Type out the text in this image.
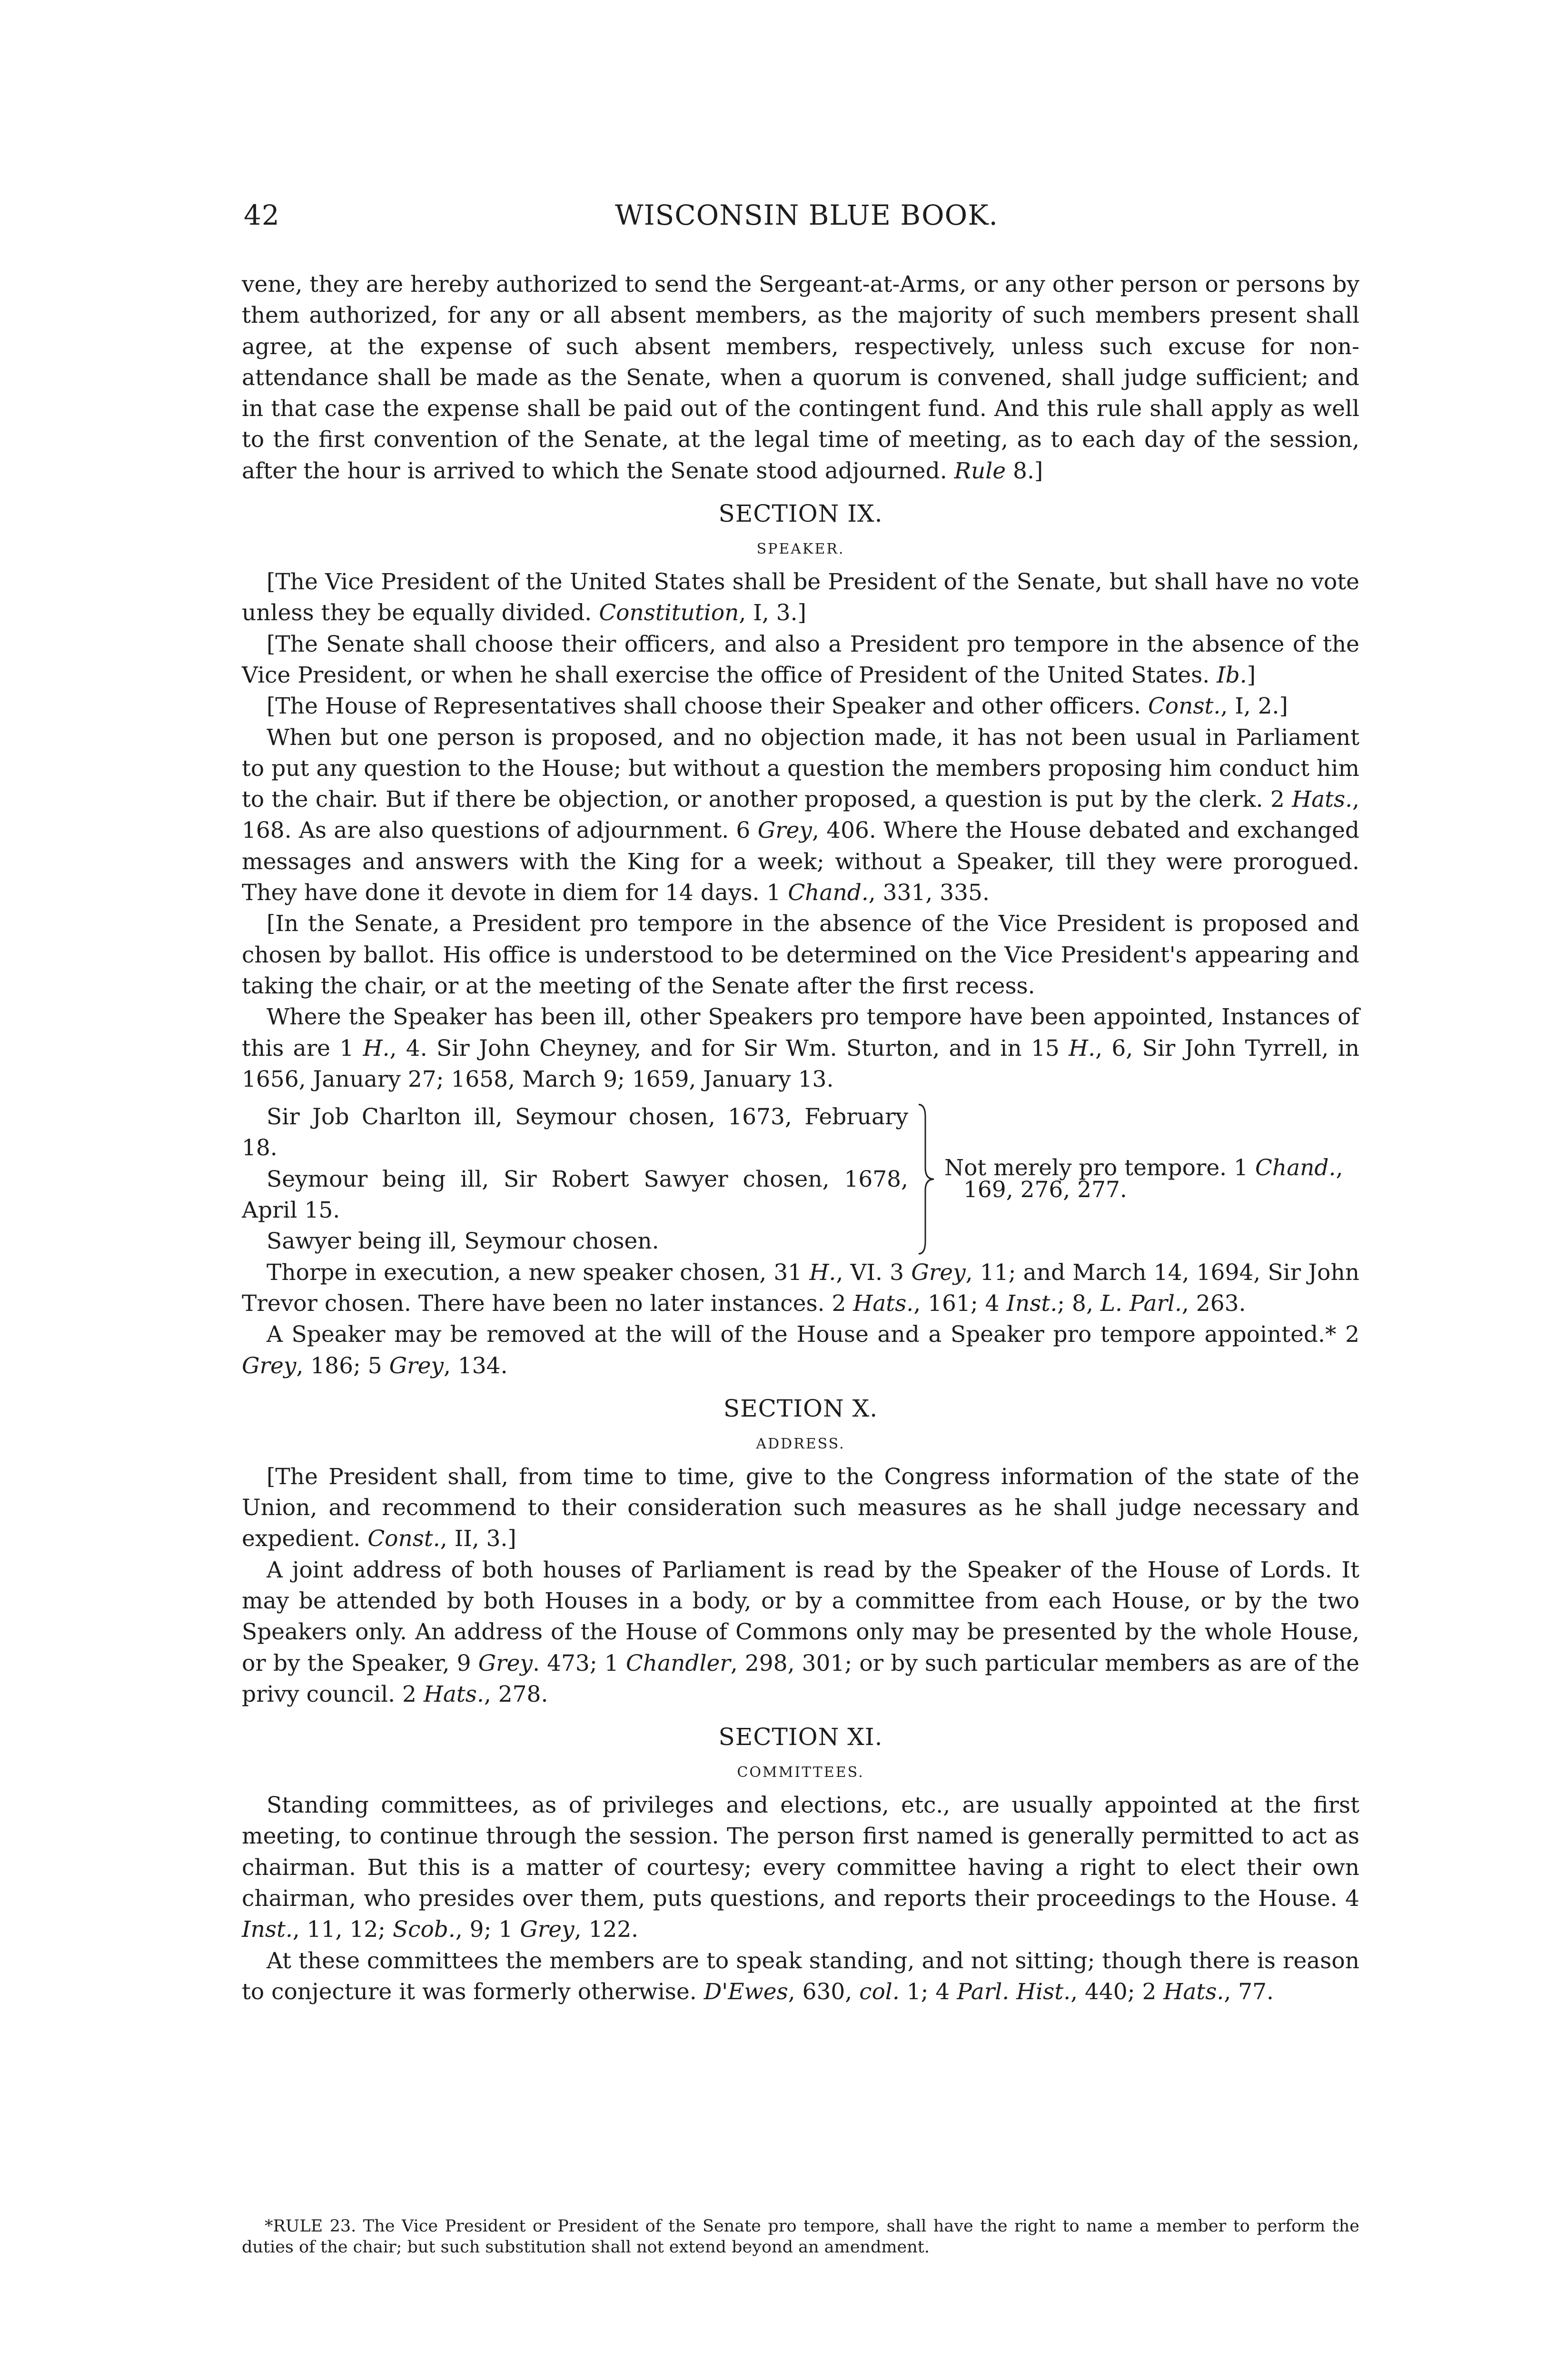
42	WISCONSIN BLUE BOOK.

vene, they are hereby authorized to send the Sergeant-at-Arms, or any other person or persons by them authorized, for any or all absent members, as the majority of such members present shall agree, at the expense of such absent members, respectively, unless such excuse for non-attendance shall be made as the Senate, when a quorum is convened, shall judge sufficient; and in that case the expense shall be paid out of the contingent fund. And this rule shall apply as well to the first convention of the Senate, at the legal time of meeting, as to each day of the session, after the hour is arrived to which the Senate stood adjourned. Rule 8.]

SECTION IX.
SPEAKER.

[The Vice President of the United States shall be President of the Senate, but shall have no vote unless they be equally divided. Constitution, I, 3.]

[The Senate shall choose their officers, and also a President pro tempore in the absence of the Vice President, or when he shall exercise the office of President of the United States. Ib.]

[The House of Representatives shall choose their Speaker and other officers. Const., I, 2.]

When but one person is proposed, and no objection made, it has not been usual in Parliament to put any question to the House; but without a question the members proposing him conduct him to the chair. But if there be objection, or another proposed, a question is put by the clerk. 2 Hats., 168. As are also questions of adjournment. 6 Grey, 406. Where the House debated and exchanged messages and answers with the King for a week; without a Speaker, till they were prorogued. They have done it devote in diem for 14 days. 1 Chand., 331, 335.

[In the Senate, a President pro tempore in the absence of the Vice President is proposed and chosen by ballot. His office is understood to be determined on the Vice President's appearing and taking the chair, or at the meeting of the Senate after the first recess.

Where the Speaker has been ill, other Speakers pro tempore have been appointed, Instances of this are 1 H., 4. Sir John Cheyney, and for Sir Wm. Sturton, and in 15 H., 6, Sir John Tyrrell, in 1656, January 27; 1658, March 9; 1659, January 13.

Sir Job Charlton ill, Seymour chosen, 1673, February 18.

Seymour being ill, Sir Robert Sawyer chosen, 1678, April 15.

Sawyer being ill, Seymour chosen.

Not merely pro tempore. 1 Chand.,
169, 276, 277.

Thorpe in execution, a new speaker chosen, 31 H., VI. 3 Grey, 11; and March 14, 1694, Sir John Trevor chosen. There have been no later instances. 2 Hats., 161; 4 Inst.; 8, L. Parl., 263.

A Speaker may be removed at the will of the House and a Speaker pro tempore appointed.* 2 Grey, 186; 5 Grey, 134.

SECTION X.
ADDRESS.

[The President shall, from time to time, give to the Congress information of the state of the Union, and recommend to their consideration such measures as he shall judge necessary and expedient. Const., II, 3.]

A joint address of both houses of Parliament is read by the Speaker of the House of Lords. It may be attended by both Houses in a body, or by a committee from each House, or by the two Speakers only. An address of the House of Commons only may be presented by the whole House, or by the Speaker, 9 Grey. 473; 1 Chandler, 298, 301; or by such particular members as are of the privy council. 2 Hats., 278.

SECTION XI.
COMMITTEES.

Standing committees, as of privileges and elections, etc., are usually appointed at the first meeting, to continue through the session. The person first named is generally permitted to act as chairman. But this is a matter of courtesy; every committee having a right to elect their own chairman, who presides over them, puts questions, and reports their proceedings to the House. 4 Inst., 11, 12; Scob., 9; 1 Grey, 122.

At these committees the members are to speak standing, and not sitting; though there is reason to conjecture it was formerly otherwise. D'Ewes, 630, col. 1; 4 Parl. Hist., 440; 2 Hats., 77.

*RULE 23. The Vice President or President of the Senate pro tempore, shall have the right to name a member to perform the duties of the chair; but such substitution shall not extend beyond an amendment.
